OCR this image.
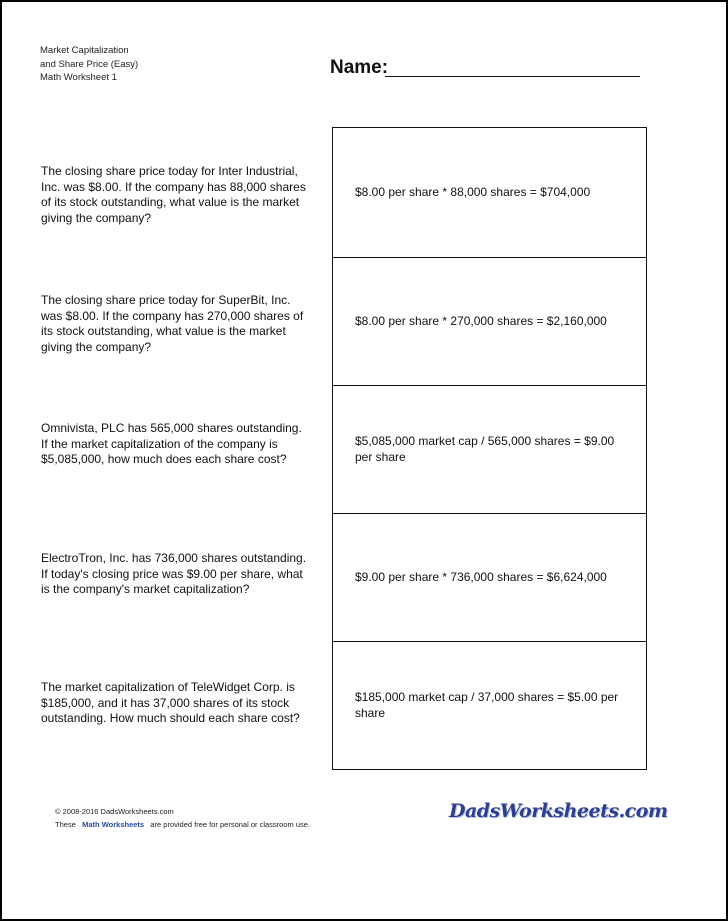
Market Capitalization
and Share Price (Easy)
Math Worksheet 1	Name:
The closing share price today for Inter Industrial, Inc. was $8.00. If the company has 88,000 shares of its stock outstanding, what value is the market giving the company?
The closing share price today for SuperBit, Inc. was $8.00. If the company has 270,000 shares of its stock outstanding, what value is the market giving the company?
Omnivista, PLC has 565,000 shares outstanding. If the market capitalization of the company is $5,085,000, how much does each share cost?
ElectroTron, Inc. has 736,000 shares outstanding. If today's closing price was $9.00 per share, what is the company's market capitalization?
The market capitalization of TeleWidget Corp. is $185,000, and it has 37,000 shares of its stock outstanding. How much should each share cost?
$8.00 per share * 88,000 shares = $704,000
$8.00 per share * 270,000 shares = $2,160,000
$5,085,000 market cap / 565,000 shares = $9.00 per share
$9.00 per share * 736,000 shares = $6,624,000
$185,000 market cap / 37,000 shares = $5.00 per share
© 2008-2016 DadsWorksheets.com
These Math Worksheets are provided free for personal or classroom use.
DadsWorksheets.com
